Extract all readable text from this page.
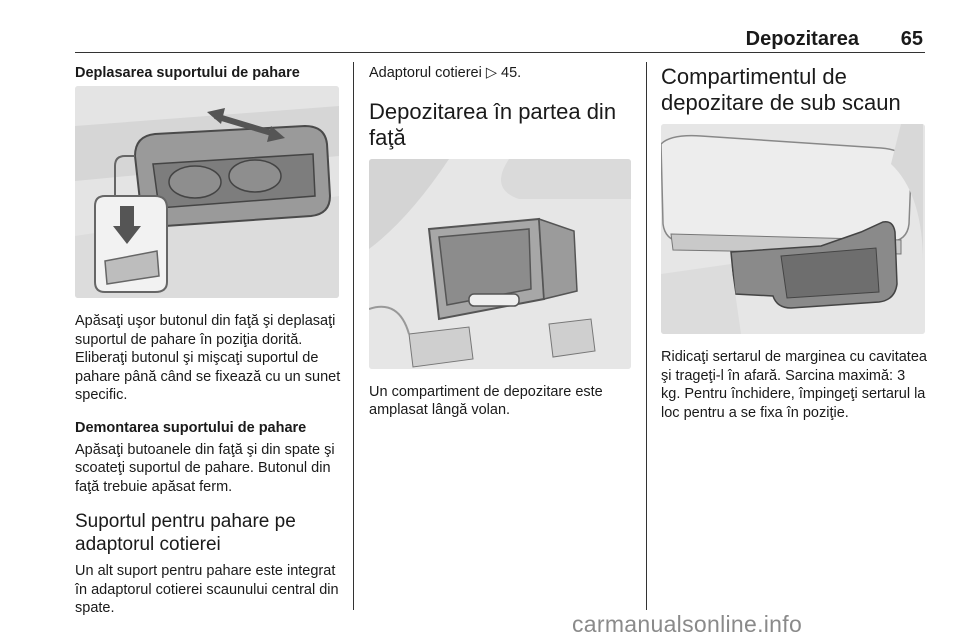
Depozitarea 65

Deplasarea suportului de pahare

Apăsaţi uşor butonul din faţă şi deplasaţi suportul de pahare în poziţia dorită. Eliberaţi butonul şi mişcaţi suportul de pahare până când se fixează cu un sunet specific.

Demontarea suportului de pahare

Apăsaţi butoanele din faţă şi din spate şi scoateţi suportul de pahare. Butonul din faţă trebuie apăsat ferm.

Suportul pentru pahare pe adaptorul cotierei

Un alt suport pentru pahare este integrat în adaptorul cotierei scaunului central din spate.

Adaptorul cotierei ▷ 45.

Depozitarea în partea din faţă

Un compartiment de depozitare este amplasat lângă volan.

Compartimentul de depozitare de sub scaun

Ridicaţi sertarul de marginea cu cavitatea şi trageţi-l în afară. Sarcina maximă: 3 kg. Pentru închidere, împingeţi sertarul la loc pentru a se fixa în poziţie.

carmanualsonline.info
